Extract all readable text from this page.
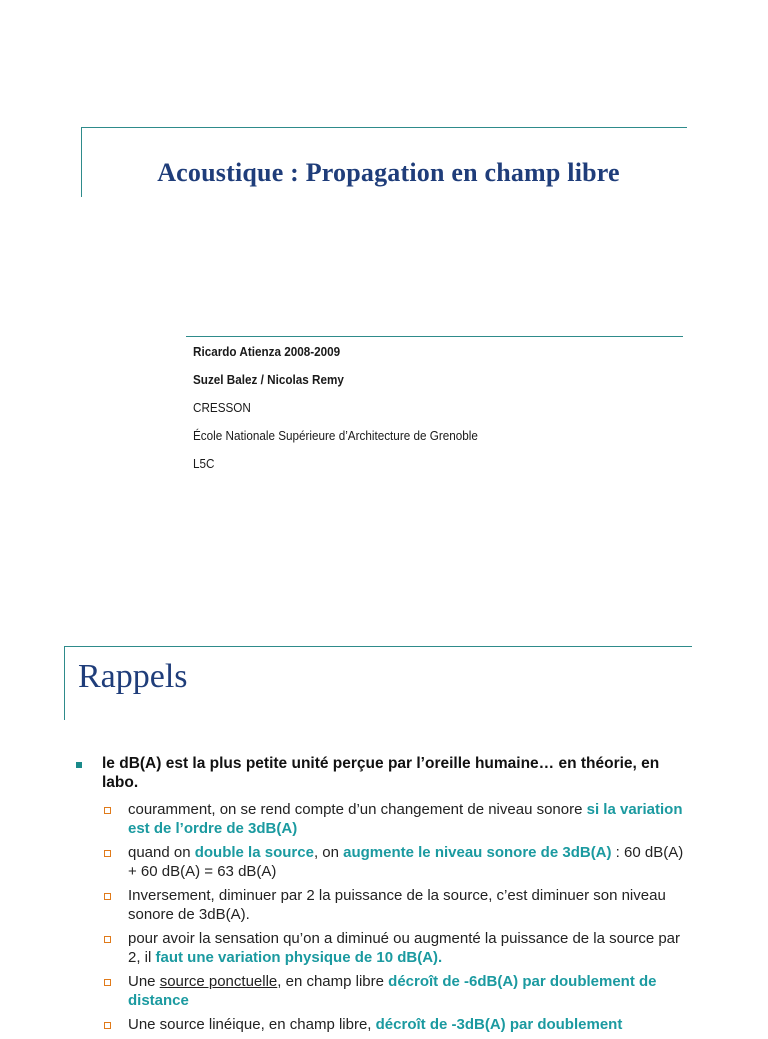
Acoustique : Propagation en champ libre
Ricardo Atienza 2008-2009
Suzel Balez / Nicolas Remy
CRESSON
École Nationale Supérieure d’Architecture de Grenoble
L5C
Rappels
le dB(A) est la plus petite unité perçue par l’oreille humaine… en théorie, en labo.
couramment, on se rend compte d’un changement de niveau sonore si la variation est de l’ordre de 3dB(A)
quand on double la source, on augmente le niveau sonore de 3dB(A) : 60 dB(A) + 60 dB(A) = 63 dB(A)
Inversement, diminuer par 2 la puissance de la source, c’est diminuer son niveau sonore de 3dB(A).
pour avoir la sensation qu’on a diminué ou augmenté la puissance de la source par 2, il faut une variation physique de 10 dB(A).
Une source ponctuelle, en champ libre décroît de -6dB(A) par doublement de distance
Une source linéique, en champ libre, décroît de -3dB(A) par doublement
